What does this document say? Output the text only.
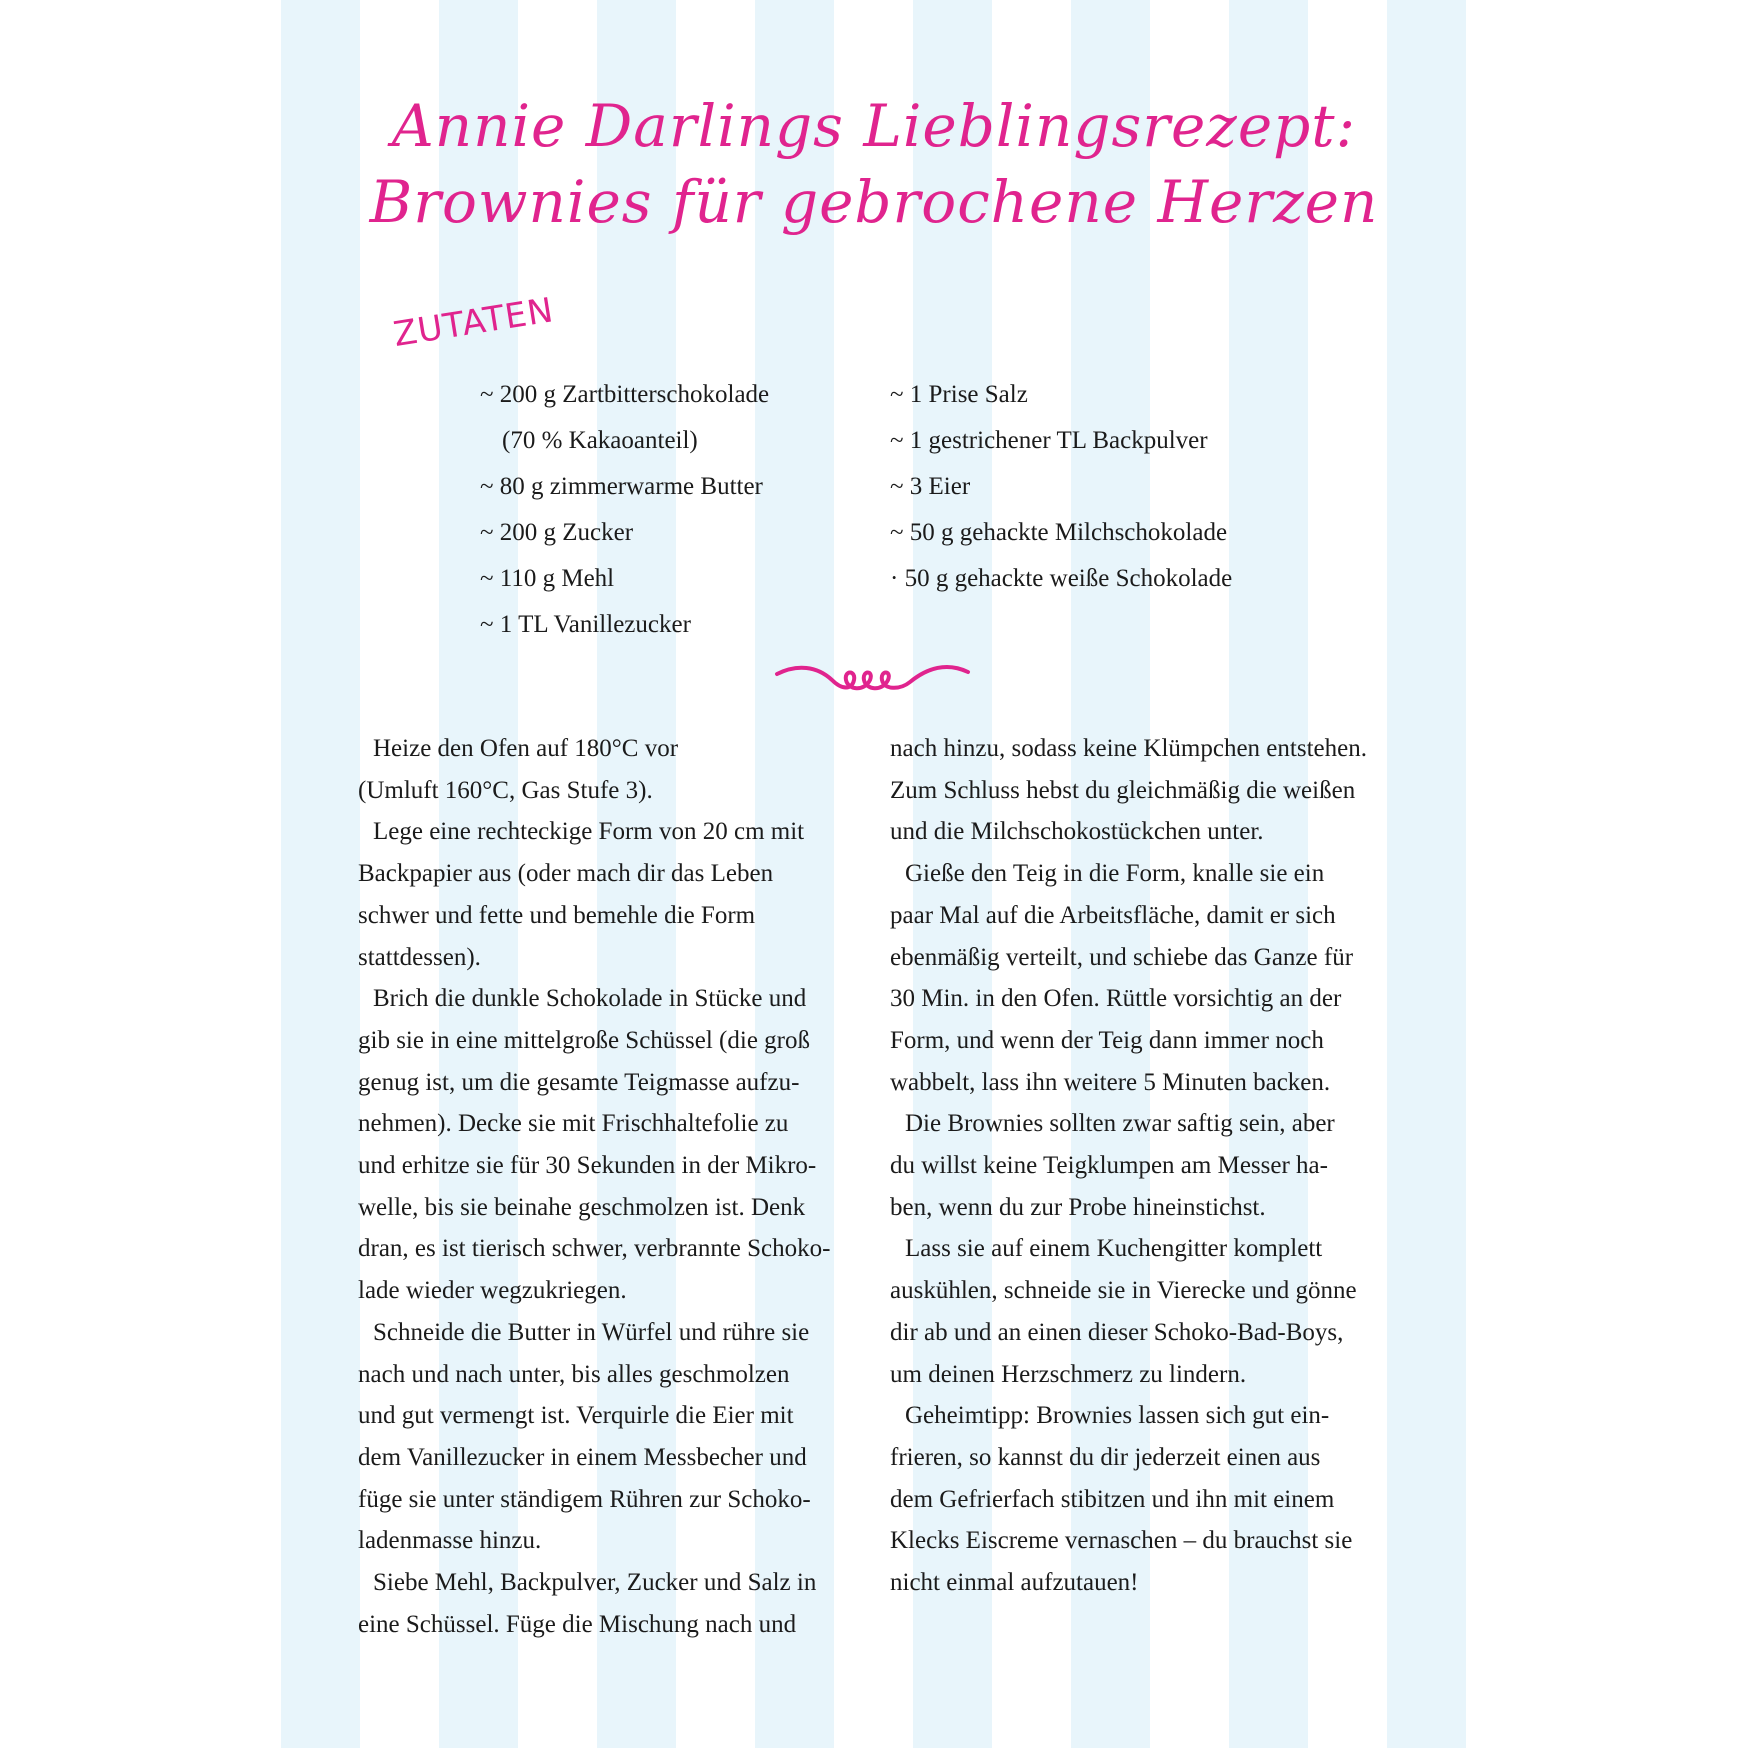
Annie Darlings Lieblingsrezept:
Brownies für gebrochene Herzen
ZUTATEN
~ 200 g Zartbitterschokolade
(70 % Kakaoanteil)
~ 80 g zimmerwarme Butter
~ 200 g Zucker
~ 110 g Mehl
~ 1 TL Vanillezucker
~ 1 Prise Salz
~ 1 gestrichener TL Backpulver
~ 3 Eier
~ 50 g gehackte Milchschokolade
· 50 g gehackte weiße Schokolade

Heize den Ofen auf 180°C vor

(Umluft 160°C, Gas Stufe 3).

Lege eine rechteckige Form von 20 cm mit

Backpapier aus (oder mach dir das Leben

schwer und fette und bemehle die Form

stattdessen).

Brich die dunkle Schokolade in Stücke und

gib sie in eine mittelgroße Schüssel (die groß

genug ist, um die gesamte Teigmasse aufzu-

nehmen). Decke sie mit Frischhaltefolie zu

und erhitze sie für 30 Sekunden in der Mikro-

welle, bis sie beinahe geschmolzen ist. Denk

dran, es ist tierisch schwer, verbrannte Schoko-

lade wieder wegzukriegen.

Schneide die Butter in Würfel und rühre sie

nach und nach unter, bis alles geschmolzen

und gut vermengt ist. Verquirle die Eier mit

dem Vanillezucker in einem Messbecher und

füge sie unter ständigem Rühren zur Schoko-

ladenmasse hinzu.

Siebe Mehl, Backpulver, Zucker und Salz in

eine Schüssel. Füge die Mischung nach und

nach hinzu, sodass keine Klümpchen entstehen.

Zum Schluss hebst du gleichmäßig die weißen

und die Milchschokostückchen unter.

Gieße den Teig in die Form, knalle sie ein

paar Mal auf die Arbeitsfläche, damit er sich

ebenmäßig verteilt, und schiebe das Ganze für

30 Min. in den Ofen. Rüttle vorsichtig an der

Form, und wenn der Teig dann immer noch

wabbelt, lass ihn weitere 5 Minuten backen.

Die Brownies sollten zwar saftig sein, aber

du willst keine Teigklumpen am Messer ha-

ben, wenn du zur Probe hineinstichst.

Lass sie auf einem Kuchengitter komplett

auskühlen, schneide sie in Vierecke und gönne

dir ab und an einen dieser Schoko-Bad-Boys,

um deinen Herzschmerz zu lindern.

Geheimtipp: Brownies lassen sich gut ein-

frieren, so kannst du dir jederzeit einen aus

dem Gefrierfach stibitzen und ihn mit einem

Klecks Eiscreme vernaschen – du brauchst sie

nicht einmal aufzutauen!
